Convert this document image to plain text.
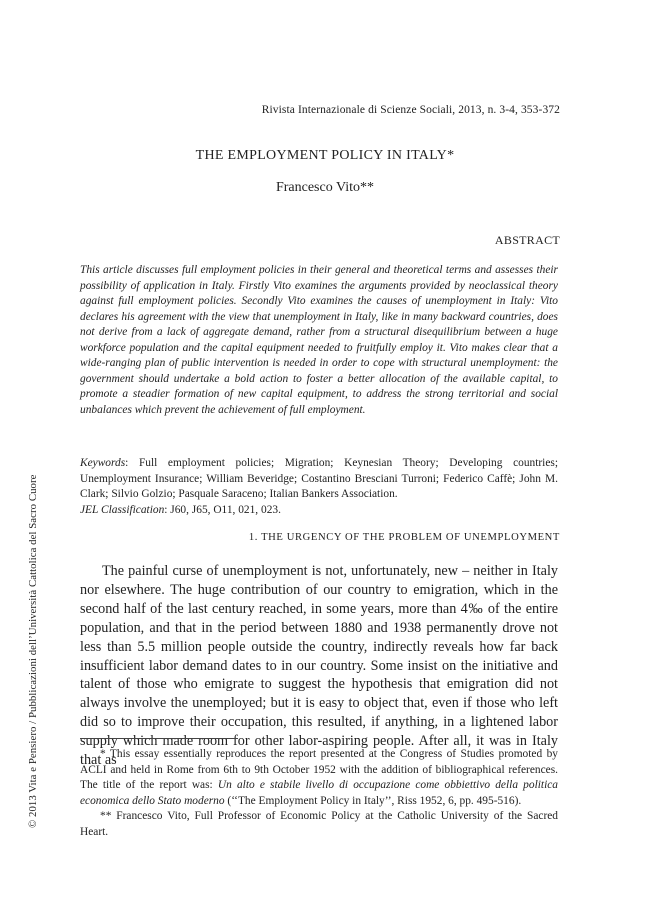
Rivista Internazionale di Scienze Sociali, 2013, n. 3-4, 353-372
THE EMPLOYMENT POLICY IN ITALY*
Francesco Vito**
ABSTRACT
This article discusses full employment policies in their general and theoretical terms and assesses their possibility of application in Italy. Firstly Vito examines the arguments provided by neoclassical theory against full employment policies. Secondly Vito examines the causes of unemployment in Italy: Vito declares his agreement with the view that unemployment in Italy, like in many backward countries, does not derive from a lack of aggregate demand, rather from a structural disequilibrium between a huge workforce population and the capital equipment needed to fruitfully employ it. Vito makes clear that a wide-ranging plan of public intervention is needed in order to cope with structural unemployment: the government should undertake a bold action to foster a better allocation of the available capital, to promote a steadier formation of new capital equipment, to address the strong territorial and social unbalances which prevent the achievement of full employment.
Keywords: Full employment policies; Migration; Keynesian Theory; Developing countries; Unemployment Insurance; William Beveridge; Costantino Bresciani Turroni; Federico Caffè; John M. Clark; Silvio Golzio; Pasquale Saraceno; Italian Bankers Association.
JEL Classification: J60, J65, O11, 021, 023.
1. THE URGENCY OF THE PROBLEM OF UNEMPLOYMENT

The painful curse of unemployment is not, unfortunately, new – neither in Italy nor elsewhere. The huge contribution of our country to emigration, which in the second half of the last century reached, in some years, more than 4‰ of the entire population, and that in the period between 1880 and 1938 permanently drove not less than 5.5 million people outside the country, indirectly reveals how far back insufficient labor demand dates to in our country. Some insist on the initiative and talent of those who emigrate to suggest the hypothesis that emigration did not always involve the unemployed; but it is easy to object that, even if those who left did so to improve their occupation, this resulted, if anything, in a lightened labor supply which made room for other labor-aspiring people. After all, it was in Italy that as

* This essay essentially reproduces the report presented at the Congress of Studies promoted by ACLI and held in Rome from 6th to 9th October 1952 with the addition of bibliographical references. The title of the report was: Un alto e stabile livello di occupazione come obbiettivo della politica economica dello Stato moderno (‘‘The Employment Policy in Italy’’, Riss 1952, 6, pp. 495-516).

** Francesco Vito, Full Professor of Economic Policy at the Catholic University of the Sacred Heart.

© 2013 Vita e Pensiero / Pubblicazioni dell’Università Cattolica del Sacro Cuore
